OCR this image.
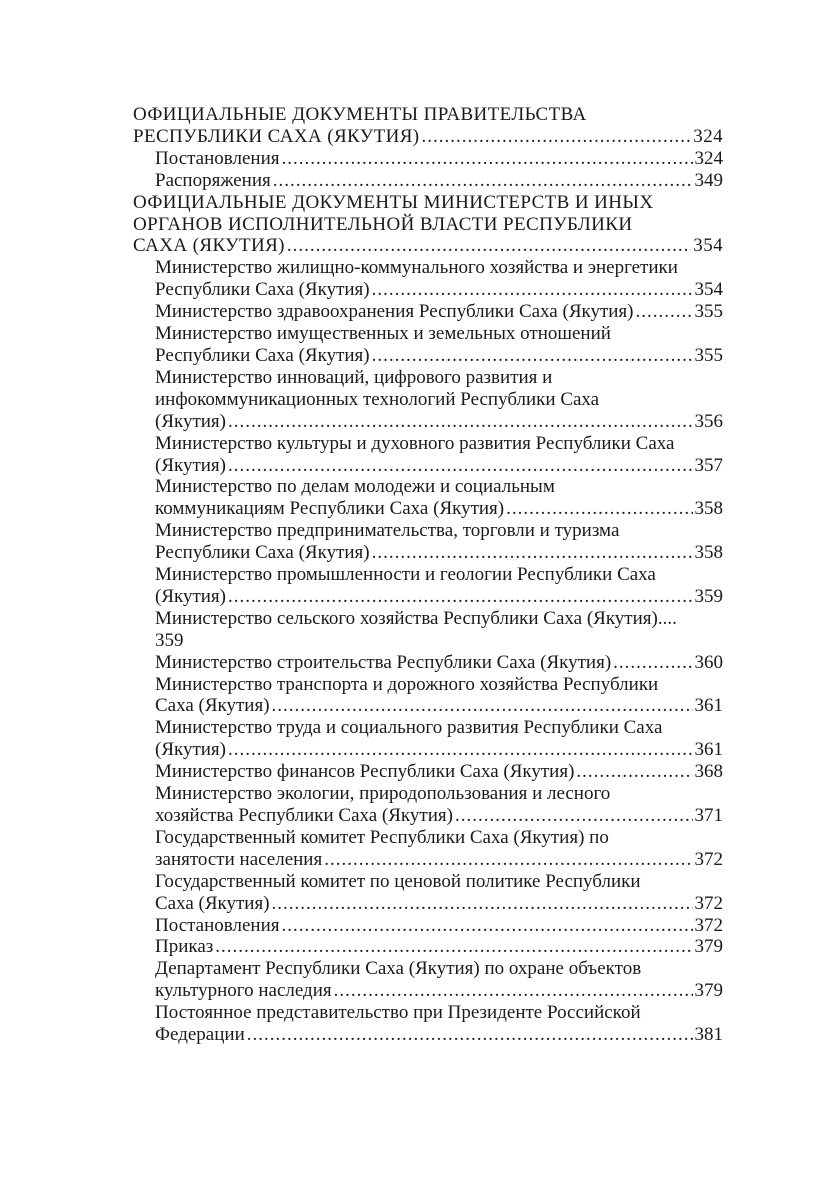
ОФИЦИАЛЬНЫЕ ДОКУМЕНТЫ ПРАВИТЕЛЬСТВА
РЕСПУБЛИКИ САХА (ЯКУТИЯ) .....	324
Постановления .....	324
Распоряжения .....	349
ОФИЦИАЛЬНЫЕ ДОКУМЕНТЫ МИНИСТЕРСТВ И ИНЫХ
ОРГАНОВ ИСПОЛНИТЕЛЬНОЙ ВЛАСТИ РЕСПУБЛИКИ
САХА (ЯКУТИЯ) .....	354
Министерство жилищно-коммунального хозяйства и энергетики
Республики Саха (Якутия) .....	354
Министерство здравоохранения Республики Саха (Якутия) .....	355
Министерство имущественных и земельных отношений
Республики Саха (Якутия) .....	355
Министерство инноваций, цифрового развития и
инфокоммуникационных технологий Республики Саха
(Якутия) .....	356
Министерство культуры и духовного развития Республики Саха
(Якутия) .....	357
Министерство по делам молодежи и социальным
коммуникациям Республики Саха (Якутия) .....	358
Министерство предпринимательства, торговли и туризма
Республики Саха (Якутия) .....	358
Министерство промышленности и геологии Республики Саха
(Якутия) .....	359
Министерство сельского хозяйства Республики Саха (Якутия)....
359
Министерство строительства Республики Саха (Якутия) .....	360
Министерство транспорта и дорожного хозяйства Республики
Саха (Якутия) .....	361
Министерство труда и социального развития Республики Саха
(Якутия) .....	361
Министерство финансов Республики Саха (Якутия) .....	368
Министерство экологии, природопользования и лесного
хозяйства Республики Саха (Якутия) .....	371
Государственный комитет Республики Саха (Якутия) по
занятости населения .....	372
Государственный комитет по ценовой политике Республики
Саха (Якутия) .....	372
Постановления .....	372
Приказ .....	379
Департамент Республики Саха (Якутия) по охране объектов
культурного наследия .....	379
Постоянное представительство при Президенте Российской
Федерации .....	381
